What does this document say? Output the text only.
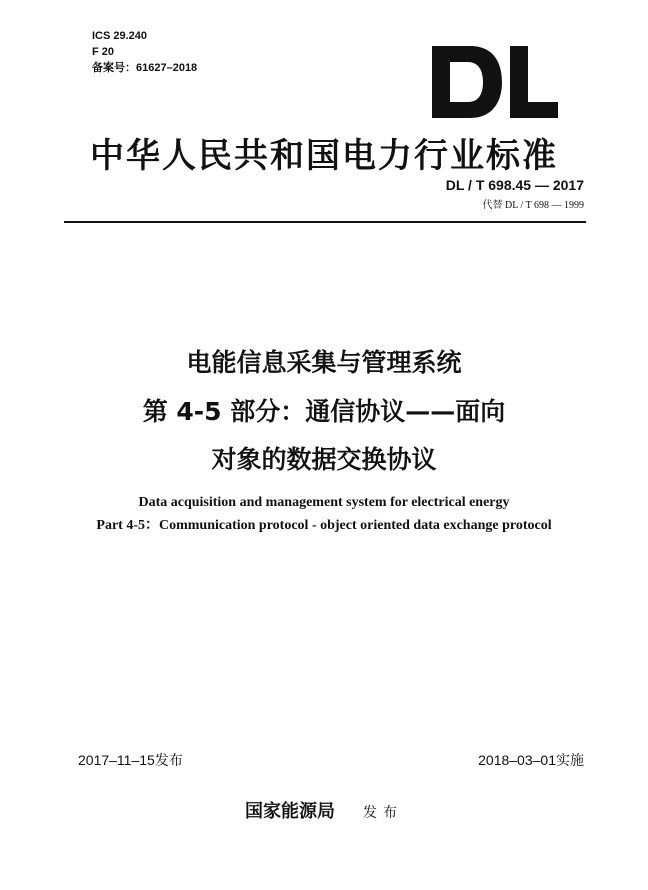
ICS 29.240
F 20
备案号：61627–2018
中华人民共和国电力行业标准
DL / T 698.45 — 2017
代替 DL / T 698 — 1999
电能信息采集与管理系统
第 4-5 部分：通信协议——面向
对象的数据交换协议
Data acquisition and management system for electrical energy
Part 4-5：Communication protocol - object oriented data exchange protocol
2017–11–15发布	2018–03–01实施
国家能源局 发布
